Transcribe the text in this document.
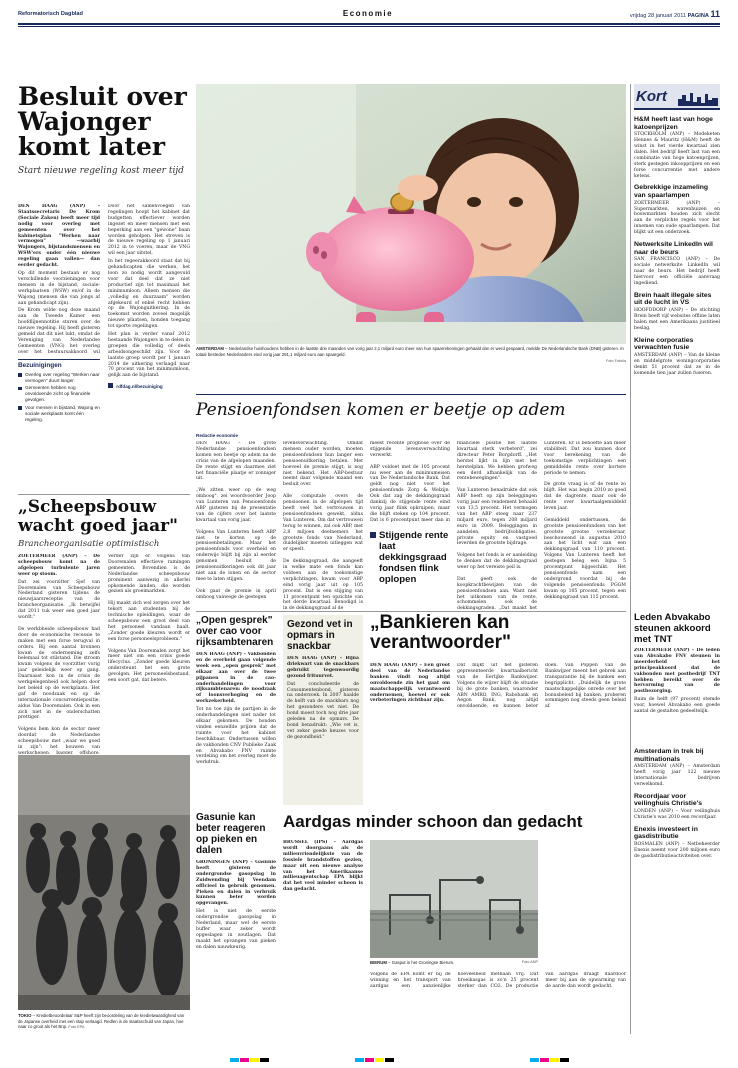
Reformatorisch Dagblad	Economie	vrijdag 28 januari 2011 PAGINA 11
Besluit over Wajonger komt later
Start nieuwe regeling kost meer tijd

DEN HAAG (ANP) – Staatssecretaris De Krom (Sociale Zaken) heeft meer tijd nodig voor overleg met gemeenten over het kabinetsplan "Werken naar vermogen" —waarbij Wajongers, bijstandsmensen en WSW'ers onder één nieuwe regeling gaan vallen— dan eerder gedacht.

Op dit moment bestaan er nog verschillende voorzieningen voor mensen in de bijstand, sociale-werkplaatsen (WSW) en/of in de Wajong (mensen die van jongs af aan gehandicapt zijn).

De Krom wilde nog deze maand aan de Tweede Kamer een hoofdlijnennotitie sturen over de nieuwe regeling. Hij heeft gisteren gemeld dat dit niet lukt, omdat de Vereniging van Nederlandse Gemeenten (VNG) het overleg over het bestuursakkoord wil

Door het samenvoegen van regelingen hoopt het kabinet dat budgetten effectiever worden ingezet en meer mensen met een beperking aan een "gewone" baan worden geholpen. Het streven is de nieuwe regeling op 1 januari 2012 in te voeren, maar de VNG wil een jaar uitstel.

In het regeerakkoord staat dat bij gehandicapten die werken, het loon zo nodig wordt aangevuld voor dat deel dat ze niet productief zijn tot maximaal het minimumloon. Alleen mensen die „volledig en duurzaam" worden afgekeurd of enkel recht hebben op de Wajonguitkering. In de toekomst worden zoveel mogelijk nieuwe plaatsen, honden toegang tot sporte regelingen.

Het plan is verder vanaf 2012 bestaande Wajongers in te delen in groepen die volledig of deels arbeidsongeschikt zijn. Voor de laatste groep wordt per 1 januari 2014 de uitkering verlaagd naar 70 procent van het minimumloon, gelijk aan de bijstand.

rdfdag.nl/bezuiniging

Bezuinigingen
Overleg over regeling "Werken naar vermogen" duurt langer.
Gemeenten hebben nog onvoldoende zicht op financiële gevolgen.
Voor mensen in bijstand, Wajong en sociale werkplaats komt één regeling.
AMSTERDAM – Nederlandse huishoudens hebben in de laatste drie maanden van vorig jaar 2,1 miljard euro meer van hun spaarrekeningen gehaald dan er werd gespaard, meldde De Nederlandsche Bank (DNB) gisteren. In totaal besteden Nederlanders eind vorig jaar 291,1 miljard euro aan spaargeld.
Foto Fotolia
Pensioenfondsen komen er beetje op adem
Redactie economie
DEN HAAG – De grote Nederlandse pensioenfondsen komen een beetje op adem na de crisis van de afgelopen maanden. De rente stijgt en daarmee ziet het financiële plaatje er zonniger uit.

„We zitten weer op de weg omhoog", zei woordvoerder Joop van Lunteren van Pensioenfonds ABP gisteren bij de presentatie van de cijfers over het laatste kwartaal van vorig jaar.

Volgens Van Lunteren heeft ABP niet te korten op de pensioenbetalingen. Maar het pensioenfonds voor overheid en onderwijs blijft bij zijn al eerder genomen besluit de pensioenuitkeringen ook dit jaar niet aan de lonen en de sector mee te laten stijgen.

Ook gaat de premie in april omhoog vanwege de gestegen
levensverwachting. Omdat mensen ouder worden, moeten pensioenfondsen hun langer een pensioenuitkering betalen. Met hoeveel de premie stijgt, is nog niet bekend. Het ABP-bestuur neemt daar volgende maand een besluit over.

Alle computale overs de pensioenen in de afgelopen tijd heeft veel het vertrouwen in pensioenfondsen gewekt, aldus Van Lunteren. Om dat vertrouwen terug te winnen, zal ook ABP, met 2,8 miljoen deelnemers het grootste fonds van Nederland, duidelijker moeten uitleggen wat er speelt.

De dekkingsgraad, die aangeeft in welke mate een fonds kan voldoen aan de toekomstige verplichtingen, kwam voor ABP eind vorig jaar uit op 105 procent. Dat is een stijging van 11 procentpunt ten opzichte van het derde kwartaal. Benodigd is in de dekkingsgraad al de
meest recente prognose over de stijgende levensverwachting verwerkt.

ABP voldoet met de 105 procent nu weer aan de minimumeisen van De Nederlandsche Bank. Dat geldt nog niet voor het pensioenfonds Zorg & Welzijn. Ook dat zag de dekkingsgraad dankzij de stijgende rente eind vorig jaar flink opkruipen, maar die blijft steken op 104 procent. Dat is 6 procentpunt meer dan in
Stijgende rente laat dekkingsgraad fondsen flink oplopen
financiële positie het laatste kwartaal sterk verbeterd", zei directeur Peter Borgdorff. „Het herstel lijkt in lijn met het herstelplan. We hebben grofweg een derd afhankelijk van de rentebewegingen".

Van Lunteren benadrukte dat ook ABP heeft op zijn beleggingen vorig jaar een rendement behaald van 13,5 procent. Het vermogen van het ABP steeg naar 237 miljard euro, tegen 208 miljard euro in 2009. Beleggingen in aandelen, bedrijfsobligaties, private equity en vastgoed leverden de grootste bijdrage.

Volgens het fonds is er aanleiding te denken dat de dekkingsgraad weer op het vereiste peil is.

Dat geeft ook de koopkrachtbewijzen van de pensioenfondsen aan. Want niet het uitkomen van de rente, schommelen ook de dekkingsgraden. „Dat maakt het
Lunteren. Er is behoefte aan meer stabiliteit. Dat zou kunnen door voor berekening van de toekomstige verplichtingen een gemiddelde rente over kortere periode te nemen.

De grote vraag is of de rente zo blijft. Het was begin 2010 zo goed dat de dagrente, maar ook de rente over kwartaalgemiddeld leven jaar.

Gemiddeld ondertussen, de grootste pensioenfondsen van het grootste grootse verzekeraar, beschouwend in augustus 2010 aan het licht wat aan een dekkingsgraad van 110 procent. Volgens Van Lunteren heeft het gestegen beleg een bijna 5 procentpunt hijgeschikt. Het pensioenfonds nam een ondergrond voordat bij de volgende pensioenfonds PGGM kwam op 105 procent, tegen een dekkingsgraad van 115 procent.
„Scheepsbouw wacht goed jaar"
Brancheorganisatie optimistisch

ZOETERMEER (ANP) – De scheepsbouw komt na de afgelopen turbulente jaren weer op stoom.

Dat zei voorzitter Sjef van Dooremalen van Scheepsbouw Nederland gisteren tijdens de nieuwjaarsreceptie van de brancheorganisatie. „Ik betwijfel dat 2011 tuk weer een goed jaar wordt."

De werkbheide scheepsbouw had door de economische recessie te maken met een forse terugval in orders. Bij een aantal bronnen kwam de onderneming zelfs helemaal tot stilstand. Die stroom kwam volgens de voorzitter vorig jaar geleidelijk weer op gang. Daarnaast kon in de crisis de werkgelegenheid ook helpen door het beleid op de werkplaats. Het gaf de noodzaak en op de internationale concurrentiepositie, aldus Van Dooremalen. Ook in een zich niet in de onderschatten prettiger.

Volgens hem kon de sector meer doordat de Nederlandse scheepsbouw met „waar we goed in zijn": het bouwen van werkschepen, bagger, offshore,

Verder zijn er volgens Van Dooremalen effectieve ramingen gemeenten. Bovendien is de Nederlandse scheepsbouw prominent aanwezig in allerlei opkomende landen, die worden gezien als groeimarkten.

Hij maakt zich wel zorgen over het tekort aan studenten bij de technische opleidingen, waar de scheepsbouw een groot deel van het personeel vandaan haalt. „Zonder goede kleuren wordt er een forse personeelsprobleem."

Volgens Van Dooremalen zorgt het meer niet om een crisis goede lifecyclus. „Zonder goede kleuren ondersteunt het een grote gevolgen. Het personeelsbestand, een soort gat, dat betere.
„Open gesprek" over cao voor rijksambtenaren

DEN HAAG (ANP) – Vakbonden en de overheid gaan volgende week een „open gesprek" met elkaar aan over de twee pijpanen in de cao-onderhandelingen voor rijksambtenaren: de noodzaak of loonsverhoging en de werkzekerheid.

Tot nu toe zijn de partijen in de onderhandelingen niet nader tot elkaar gekomen. De bonden vinden eenzelfde prijzen dat de ruimte voor het kabinet beschikbaar. Ondertussen willen de vakbonden CNV Publieke Zaak en Abvakabo FNV ruimte verdeling om het overleg moet de werkdruk.

Gezond vet in opmars in snackbar

DEN HAAG (ANP) – Bijna driekwart van de snackbars gebruikt tegenwoordig gezond frituurvet.

Dat concludeerde de Consumentenbond, gisteren na onderzoek. In 2007 haalde de helft van de snackbars nog het gezondere vet niet. De bond moest toch nog drie jaar geleden na de opmars. De bond benadrukt: „Wie vet is, vet zeker goede keuzes voor de gezondheid."

„Bankieren kan verantwoorder"

DEN HAAG (ANP) – Een groot deel van de Nederlandse banken vindt nog altijd onvoldoende zin het gaat om maatschappelijk verantwoord ondernemen, hoewel er ook verbeteringen zichtbaar zijn.

Dat blijkt uit het gisteren gepresenteerde kwartaalbericht van de Eerlijke Bankwijzer. Volgens de wijzer blijft de situatie bij de grote banken, waaronder ABN AMRO, ING, Rabobank en Aegon Bank, nog altijd onvoldoende, en kunnen beter doen. Van Poppen van de Bankwijzer meent het gebrek aan transparantie bij de banken een begripplicht. „Duidelijk de grote maatschappelijke onrede over het bonusbeleid bij banken, proberen sommigen nog steeds geen beleid af.
Leden Abvakabo steunen akkoord met TNT

ZOETERMEER (ANP) – De leden van Abvakabo FNV steunen in meerderheid het principeakkoord dat de vakbonden met postbedrijf TNT hebben bereikt over de hervorming van de postbezorging.

Ruim de helft (97 procent) stemde voor, hoewel Abvakabo een goede aantal de gestalten gedeeltelijk.

TOKIO – Kredietbeoordelaar S&P heeft zijn beoordeling van de kredietwaardigheid van de Japanse overheid met een stap verlaagd. Redlen is de staatsschuld van Japan, hoe naar zo groot als het Bnp. Foto EPA
Gasunie kan beter reageren op pieken en dalen

GRONINGEN (ANP) – Gasunie heeft gisteren de ondergrondse gasopslag in Zuidwending bij Veendam officieel in gebruik genomen. Pieken en dalen in verbruik kunnen beter worden opgevangen.

Het is niet de eerste ondergrondse gasopslag in Nederland, maar wel de eerste buffer waar zeker wordt opgeslagen in zoutlagen. Dat maakt het opvangen van pieken en dalen nauwkeurig.

Aardgas minder schoon dan gedacht

BRUSSEL (IPS) – Aardgas wordt doorgaans als de milieuvriendelijkste van de fossiele brandstoffen gezien, maar uit een nieuwe analyse van het Amerikaanse milieuagentschap EPA blijkt dat het veel minder schoon is dan gedacht.

BIERUM – Gasput in het Groningse Bierum.	Foto ANP
Volgens de EPA komt er bij de winning en het transport van aardgas een aanzienlijke hoeveelheid methaan vrij. Dat broeikasgas is zo'n 25 procent sterker dan CO2. De productie van aardgas draagt daardoor meer bij aan de opwarming van de aarde dan wordt gedacht.
Kort
H&M heeft last van hoge katoenprijzen
STOCKHOLM (ANP) – Modeketen Hennes & Mauritz (H&M) heeft de winst in het vierde kwartaal zien dalen. Het bedrijf heeft last van een combinatie van hoge katoenprijzen, sterk gestegen inkoopprijzen en een forse concurrentie met andere ketens.
Gebrekkige inzameling van spaarlampen
ZOETERMEER (ANP) – Supermarkten, warenhuizen en bouwmarkten houden zich slecht aan de verplichte regels voor het innemen van oude spaarlampen. Dat blijkt uit een onderzoek.
Netwerksite LinkedIn wil naar de beurs
SAN FRANCISCO (ANP) – De sociale netwerksite LinkedIn wil naar de beurs. Het bedrijf heeft hiervoor een officiële aanvraag ingediend.
Brein haalt illegale sites uit de lucht in VS
HOOFDDORP (ANP) – De stichting Brein heeft vijf websites offline laten halen met een Amerikaans justitieel beslag.
Kleine corporaties verwachten fusie
AMSTERDAM (ANP) – Van de kleine en middelgrote woningcorporaties denkt 51 procent dat ze in de komende tien jaar zullen fuseren.
Amsterdam in trek bij multinationals
AMSTERDAM (ANP) – Amsterdam heeft vorig jaar 122 nieuwe internationale bedrijven verwelkomd.
Recordjaar voor veilinghuis Christie's
LONDEN (ANP) – Voor veilinghuis Christie's was 2010 een recordjaar.
Enexis investeert in gasdistributie
ROSMALEN (ANP) – Netbeheerder Enexis neemt voor 200 miljoen euro de gasdistributieactiviteiten over.
